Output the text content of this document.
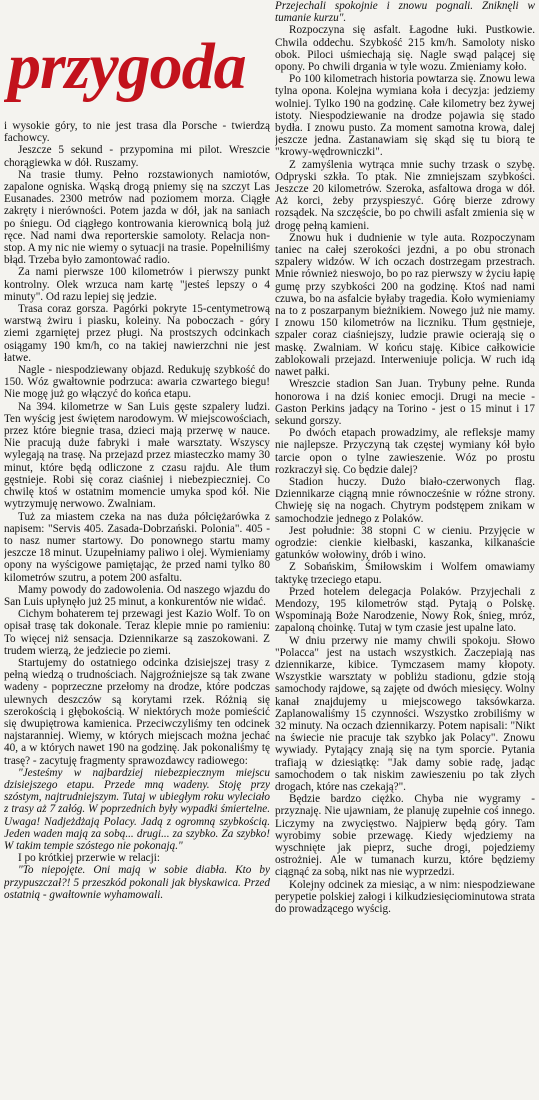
przygoda

i wysokie góry, to nie jest trasa dla Porsche - twierdzą fachowcy.

Jeszcze 5 sekund - przypomina mi pilot. Wreszcie chorągiewka w dół. Ruszamy.

Na trasie tłumy. Pełno rozstawionych namiotów, zapalone ogniska. Wąską drogą pniemy się na szczyt Las Eusanades. 2300 metrów nad poziomem morza. Ciągłe zakręty i nierówności. Potem jazda w dół, jak na saniach po śniegu. Od ciągłego kontrowania kierownicą bolą już ręce. Nad nami dwa reporterskie samoloty. Relacja non-stop. A my nic nie wiemy o sytuacji na trasie. Popełniliśmy błąd. Trzeba było zamontować radio.

Za nami pierwsze 100 kilometrów i pierwszy punkt kontrolny. Olek wrzuca nam kartę "jesteś lepszy o 4 minuty". Od razu lepiej się jedzie.

Trasa coraz gorsza. Pagórki pokryte 15-centymetrową warstwą żwiru i piasku, koleiny. Na poboczach - góry ziemi zgarniętej przez pługi. Na prostszych odcinkach osiągamy 190 km/h, co na takiej nawierzchni nie jest łatwe.

Nagle - niespodziewany objazd. Redukuję szybkość do 150. Wóz gwałtownie podrzuca: awaria czwartego biegu! Nie mogę już go włączyć do końca etapu.

Na 394. kilometrze w San Luis gęste szpalery ludzi. Ten wyścig jest świętem narodowym. W miejscowościach, przez które biegnie trasa, dzieci mają przerwę w nauce. Nie pracują duże fabryki i małe warsztaty. Wszyscy wylegają na trasę. Na przejazd przez miasteczko mamy 30 minut, które będą odliczone z czasu rajdu. Ale tłum gęstnieje. Robi się coraz ciaśniej i niebezpieczniej. Co chwilę ktoś w ostatnim momencie umyka spod kół. Nie wytrzymuję nerwowo. Zwalniam.

Tuż za miastem czeka na nas duża półciężarówka z napisem: "Servis 405. Zasada-Dobrzański. Polonia". 405 - to nasz numer startowy. Do ponownego startu mamy jeszcze 18 minut. Uzupełniamy paliwo i olej. Wymieniamy opony na wyścigowe pamiętając, że przed nami tylko 80 kilometrów szutru, a potem 200 asfaltu.

Mamy powody do zadowolenia. Od naszego wjazdu do San Luis upłynęło już 25 minut, a konkurentów nie widać.

Cichym bohaterem tej przewagi jest Kazio Wolf. To on opisał trasę tak dokonale. Teraz klepie mnie po ramieniu: To więcej niż sensacja. Dziennikarze są zaszokowani. Z trudem wierzą, że jedziecie po ziemi.

Startujemy do ostatniego odcinka dzisiejszej trasy z pełną wiedzą o trudnościach. Najgroźniejsze są tak zwane wadeny - poprzeczne przełomy na drodze, które podczas ulewnych deszczów są korytami rzek. Różnią się szerokością i głębokością. W niektórych może pomieścić się dwupiętrowa kamienica. Przeciwczyliśmy ten odcinek najstaranniej. Wiemy, w których miejscach można jechać 40, a w których nawet 190 na godzinę. Jak pokonaliśmy tę trasę? - zacytuję fragmenty sprawozdawcy radiowego:

"Jesteśmy w najbardziej niebezpiecznym miejscu dzisiejszego etapu. Przede mną wadeny. Stoję przy szóstym, najtrudniejszym. Tutaj w ubiegłym roku wyleciało z trasy aż 7 załóg. W poprzednich były wypadki śmiertelne. Uwaga! Nadjeżdżają Polacy. Jadą z ogromną szybkością. Jeden waden mają za sobą... drugi... za szybko. Za szybko! W takim tempie szóstego nie pokonają."

I po krótkiej przerwie w relacji:

"To niepojęte. Oni mają w sobie diabła. Kto by przypuszczał?! 5 przeszkód pokonali jak błyskawica. Przed ostatnią - gwałtownie wyhamowali.

Przejechali spokojnie i znowu pognali. Zniknęli w tumanie kurzu".

Rozpoczyna się asfalt. Łagodne łuki. Pustkowie. Chwila oddechu. Szybkość 215 km/h. Samoloty nisko obok. Piloci uśmiechają się. Nagle swąd palącej się opony. Po chwili drgania w tyle wozu. Zmieniamy koło.

Po 100 kilometrach historia powtarza się. Znowu lewa tylna opona. Kolejna wymiana koła i decyzja: jedziemy wolniej. Tylko 190 na godzinę. Całe kilometry bez żywej istoty. Niespodziewanie na drodze pojawia się stado bydła. I znowu pusto. Za moment samotna krowa, dalej jeszcze jedna. Zastanawiam się skąd się tu biorą te "krowy-wędrowniczki".

Z zamyślenia wytrąca mnie suchy trzask o szybę. Odpryski szkła. To ptak. Nie zmniejszam szybkości. Jeszcze 20 kilometrów. Szeroka, asfaltowa droga w dół. Aż korci, żeby przyspieszyć. Górę bierze zdrowy rozsądek. Na szczęście, bo po chwili asfalt zmienia się w drogę pełną kamieni.

Znowu huk i dudnienie w tyle auta. Rozpoczynam taniec na całej szerokości jezdni, a po obu stronach szpalery widzów. W ich oczach dostrzegam przestrach. Mnie również nieswojo, bo po raz pierwszy w życiu łapię gumę przy szybkości 200 na godzinę. Ktoś nad nami czuwa, bo na asfalcie byłaby tragedia. Koło wymieniamy na to z poszarpanym bieżnikiem. Nowego już nie mamy. I znowu 150 kilometrów na liczniku. Tłum gęstnieje, szpaler coraz ciaśniejszy, ludzie prawie ocierają się o maskę. Zwalniam. W końcu staję. Kibice całkowicie zablokowali przejazd. Interweniuje policja. W ruch idą nawet pałki.

Wreszcie stadion San Juan. Trybuny pełne. Runda honorowa i na dziś koniec emocji. Drugi na mecie - Gaston Perkins jadący na Torino - jest o 15 minut i 17 sekund gorszy.

Po dwóch etapach prowadzimy, ale refleksje mamy nie najlepsze. Przyczyną tak częstej wymiany kół było tarcie opon o tylne zawieszenie. Wóz po prostu rozkraczył się. Co będzie dalej?

Stadion huczy. Dużo biało-czerwonych flag. Dziennikarze ciągną mnie równocześnie w różne strony. Chwieję się na nogach. Chytrym podstępem znikam w samochodzie jednego z Polaków.

Jest południe: 38 stopni C w cieniu. Przyjęcie w ogrodzie: cienkie kiełbaski, kaszanka, kilkanaście gatunków wołowiny, drób i wino.

Z Sobańskim, Śmiłowskim i Wolfem omawiamy taktykę trzeciego etapu.

Przed hotelem delegacja Polaków. Przyjechali z Mendozy, 195 kilometrów stąd. Pytają o Polskę. Wspominają Boże Narodzenie, Nowy Rok, śnieg, mróz, zapaloną choinkę. Tutaj w tym czasie jest upalne lato.

W dniu przerwy nie mamy chwili spokoju. Słowo "Polacca" jest na ustach wszystkich. Zaczepiają nas dziennikarze, kibice. Tymczasem mamy kłopoty. Wszystkie warsztaty w pobliżu stadionu, gdzie stoją samochody rajdowe, są zajęte od dwóch miesięcy. Wolny kanał znajdujemy u miejscowego taksówkarza. Zaplanowaliśmy 15 czynności. Wszystko zrobiliśmy w 32 minuty. Na oczach dziennikarzy. Potem napisali: "Nikt na świecie nie pracuje tak szybko jak Polacy". Znowu wywiady. Pytający znają się na tym sporcie. Pytania trafiają w dziesiątkę: "Jak damy sobie radę, jadąc samochodem o tak niskim zawieszeniu po tak złych drogach, które nas czekają?".

Będzie bardzo ciężko. Chyba nie wygramy - przyznaję. Nie ujawniam, że planuję zupełnie coś innego. Liczymy na zwycięstwo. Najpierw będą góry. Tam wyrobimy sobie przewagę. Kiedy wjedziemy na wyschnięte jak pieprz, suche drogi, pojedziemy ostrożniej. Ale w tumanach kurzu, które będziemy ciągnąć za sobą, nikt nas nie wyprzedzi.

Kolejny odcinek za miesiąc, a w nim: niespodziewane perypetie polskiej załogi i kilkudziesięciominutowa strata do prowadzącego wyścig.
